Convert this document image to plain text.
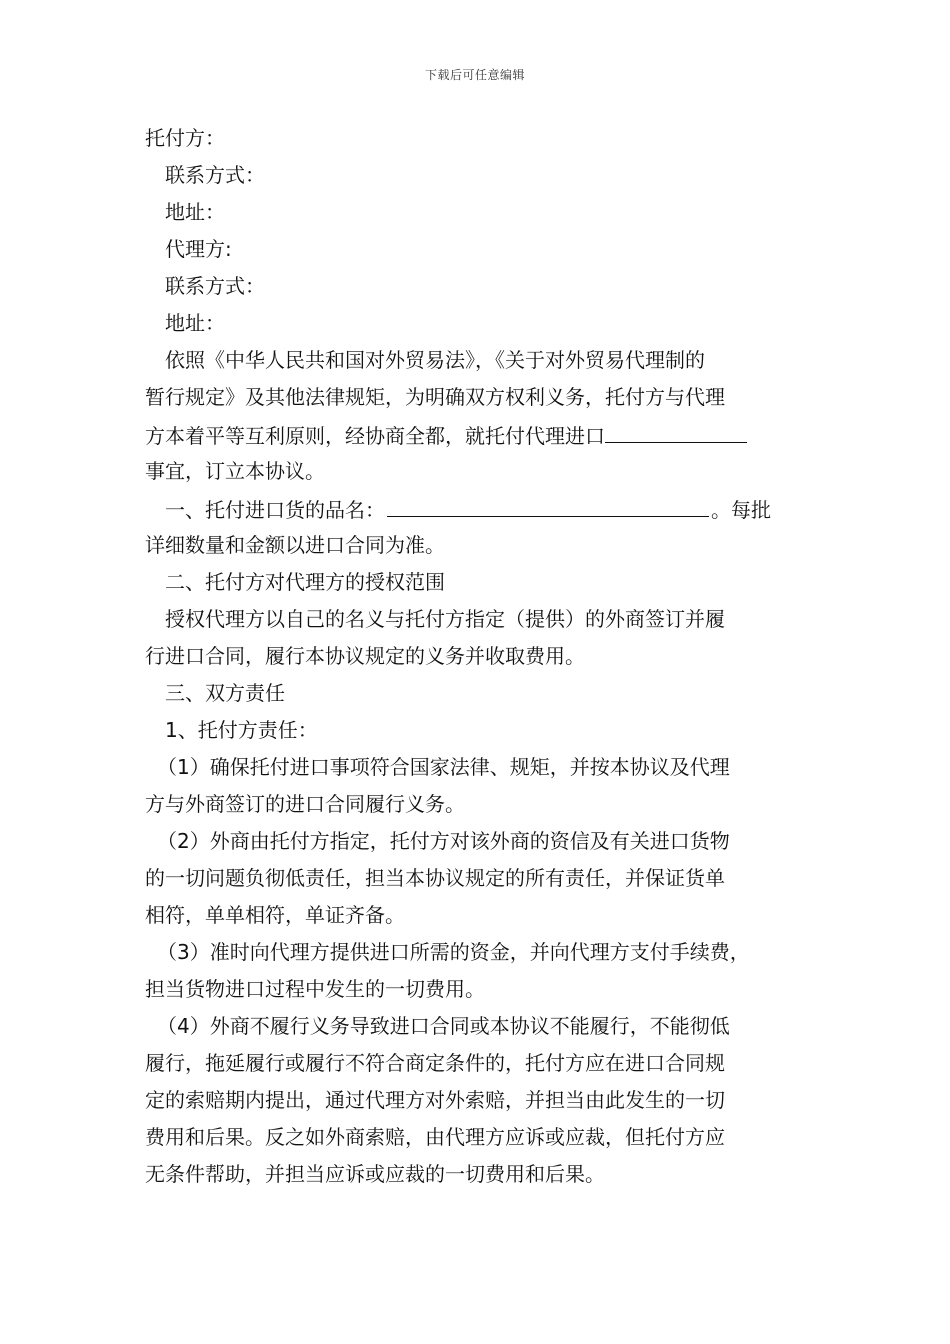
下载后可任意编辑
托付方：
联系方式：
地址：
代理方:
联系方式：
地址：
依照《中华人民共和国对外贸易法》，《关于对外贸易代理制的
暂行规定》及其他法律规矩，为明确双方权利义务，托付方与代理
方本着平等互利原则，经协商全都，就托付代理进口
事宜，订立本协议。
一、托付进口货的品名：	。每批
详细数量和金额以进口合同为准。
二、托付方对代理方的授权范围
授权代理方以自己的名义与托付方指定（提供）的外商签订并履
行进口合同，履行本协议规定的义务并收取费用。
三、双方责任
1、托付方责任：
（1）确保托付进口事项符合国家法律、规矩，并按本协议及代理
方与外商签订的进口合同履行义务。
（2）外商由托付方指定，托付方对该外商的资信及有关进口货物
的一切问题负彻低责任，担当本协议规定的所有责任，并保证货单
相符，单单相符，单证齐备。
（3）准时向代理方提供进口所需的资金，并向代理方支付手续费，
担当货物进口过程中发生的一切费用。
（4）外商不履行义务导致进口合同或本协议不能履行，不能彻低
履行，拖延履行或履行不符合商定条件的，托付方应在进口合同规
定的索赔期内提出，通过代理方对外索赔，并担当由此发生的一切
费用和后果。反之如外商索赔，由代理方应诉或应裁，但托付方应
无条件帮助，并担当应诉或应裁的一切费用和后果。
